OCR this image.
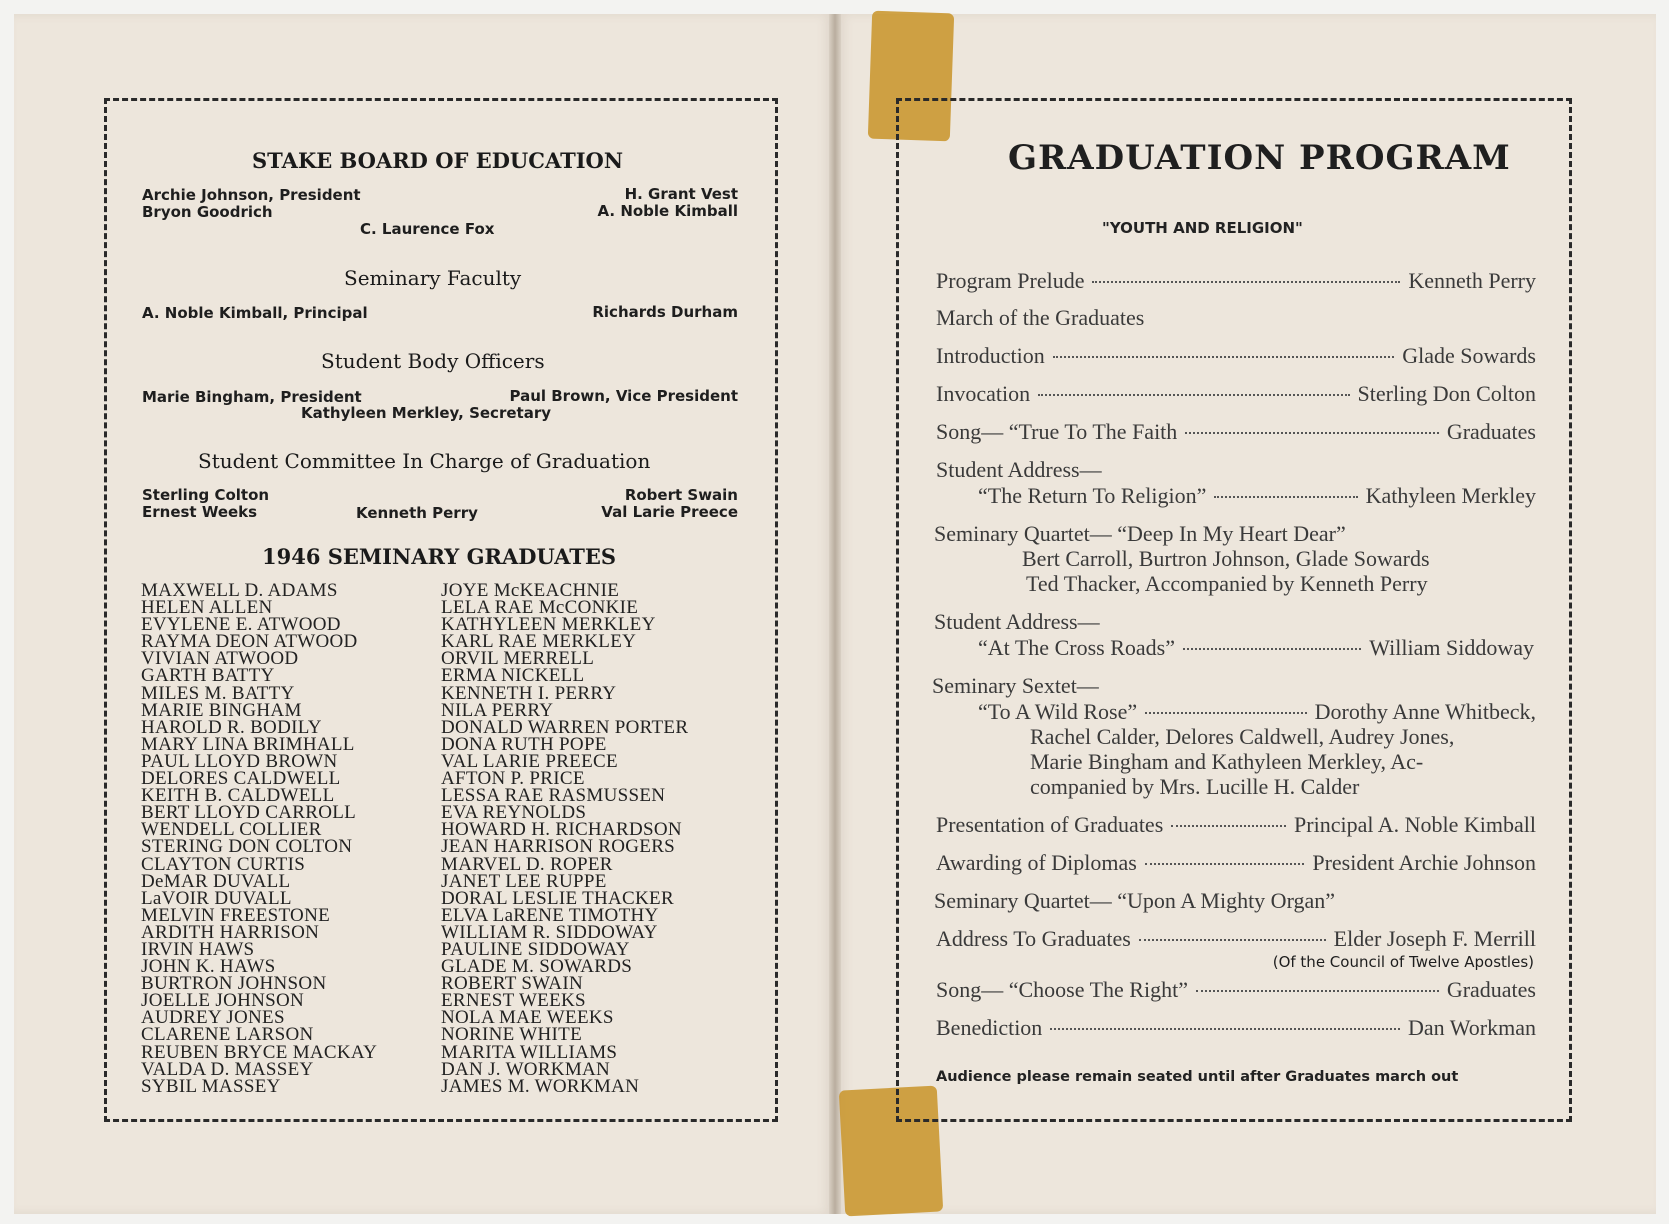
STAKE BOARD OF EDUCATION
Archie Johnson, President
Bryon Goodrich
H. Grant Vest
A. Noble Kimball
C. Laurence Fox
Seminary Faculty
A. Noble Kimball, Principal	Richards Durham
Student Body Officers
Marie Bingham, President	Paul Brown, Vice President
Kathyleen Merkley, Secretary
Student Committee In Charge of Graduation
Sterling Colton
Ernest Weeks	Kenneth Perry
Robert Swain
Val Larie Preece
1946 SEMINARY GRADUATES
MAXWELL D. ADAMS
HELEN ALLEN
EVYLENE E. ATWOOD
RAYMA DEON ATWOOD
VIVIAN ATWOOD
GARTH BATTY
MILES M. BATTY
MARIE BINGHAM
HAROLD R. BODILY
MARY LINA BRIMHALL
PAUL LLOYD BROWN
DELORES CALDWELL
KEITH B. CALDWELL
BERT LLOYD CARROLL
WENDELL COLLIER
STERING DON COLTON
CLAYTON CURTIS
DeMAR DUVALL
LaVOIR DUVALL
MELVIN FREESTONE
ARDITH HARRISON
IRVIN HAWS
JOHN K. HAWS
BURTRON JOHNSON
JOELLE JOHNSON
AUDREY JONES
CLARENE LARSON
REUBEN BRYCE MACKAY
VALDA D. MASSEY
SYBIL MASSEY
JOYE McKEACHNIE
LELA RAE McCONKIE
KATHYLEEN MERKLEY
KARL RAE MERKLEY
ORVIL MERRELL
ERMA NICKELL
KENNETH I. PERRY
NILA PERRY
DONALD WARREN PORTER
DONA RUTH POPE
VAL LARIE PREECE
AFTON P. PRICE
LESSA RAE RASMUSSEN
EVA REYNOLDS
HOWARD H. RICHARDSON
JEAN HARRISON ROGERS
MARVEL D. ROPER
JANET LEE RUPPE
DORAL LESLIE THACKER
ELVA LaRENE TIMOTHY
WILLIAM R. SIDDOWAY
PAULINE SIDDOWAY
GLADE M. SOWARDS
ROBERT SWAIN
ERNEST WEEKS
NOLA MAE WEEKS
NORINE WHITE
MARITA WILLIAMS
DAN J. WORKMAN
JAMES M. WORKMAN
GRADUATION PROGRAM
"YOUTH AND RELIGION"
Program Prelude	Kenneth Perry
March of the Graduates
Introduction	Glade Sowards
Invocation	Sterling Don Colton
Song— “True To The Faith	Graduates
Student Address—
“The Return To Religion”	Kathyleen Merkley
Seminary Quartet— “Deep In My Heart Dear”
Bert Carroll, Burtron Johnson, Glade Sowards
Ted Thacker, Accompanied by Kenneth Perry
Student Address—
“At The Cross Roads”	William Siddoway
Seminary Sextet—
“To A Wild Rose”	Dorothy Anne Whitbeck,
Rachel Calder, Delores Caldwell, Audrey Jones,
Marie Bingham and Kathyleen Merkley, Ac-
companied by Mrs. Lucille H. Calder
Presentation of Graduates	Principal A. Noble Kimball
Awarding of Diplomas	President Archie Johnson
Seminary Quartet— “Upon A Mighty Organ”
Address To Graduates	Elder Joseph F. Merrill
(Of the Council of Twelve Apostles)
Song— “Choose The Right”	Graduates
Benediction	Dan Workman
Audience please remain seated until after Graduates march out
